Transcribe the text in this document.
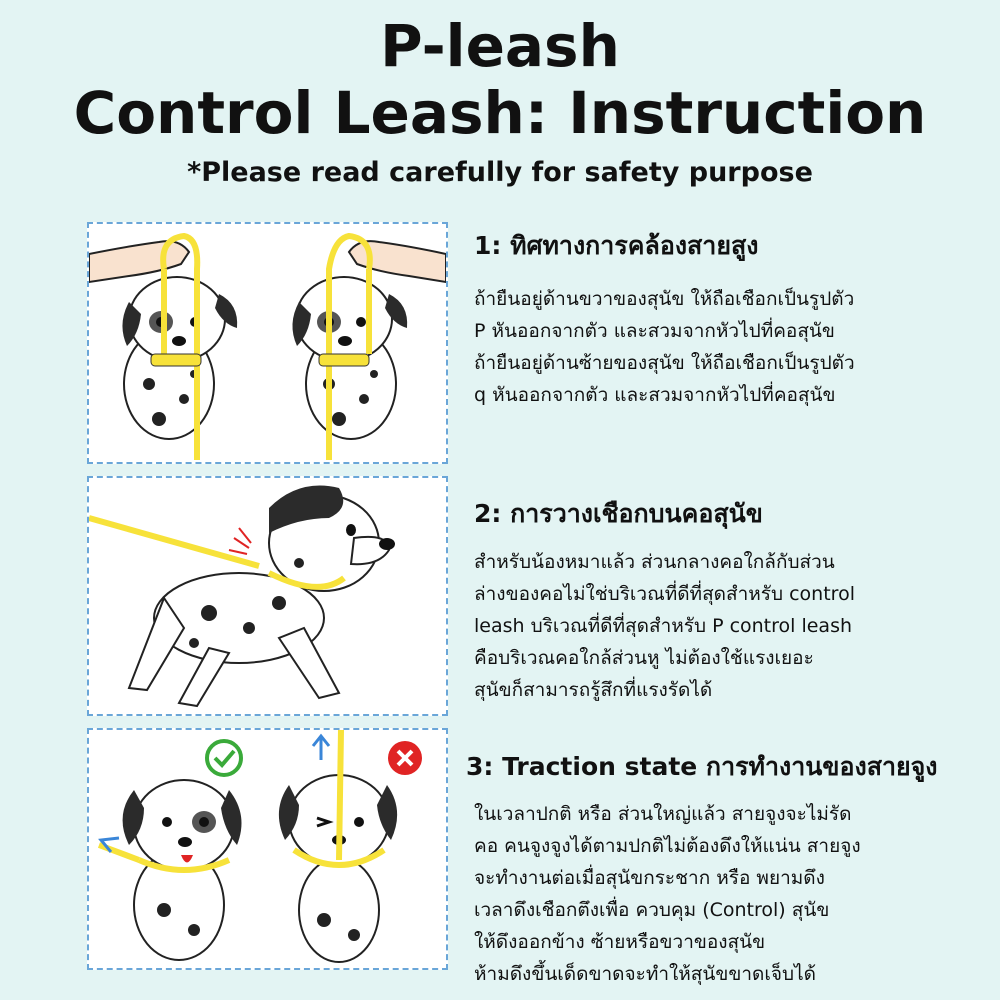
P-leash
Control Leash: Instruction
*Please read carefully for safety purpose
1: ทิศทางการคล้องสายสูง
ถ้ายืนอยู่ด้านขวาของสุนัข ให้ถือเชือกเป็นรูปตัว
P หันออกจากตัว และสวมจากหัวไปที่คอสุนัข
ถ้ายืนอยู่ด้านซ้ายของสุนัข ให้ถือเชือกเป็นรูปตัว
q หันออกจากตัว และสวมจากหัวไปที่คอสุนัข
2: การวางเชือกบนคอสุนัข
สำหรับน้องหมาแล้ว ส่วนกลางคอใกล้กับส่วน
ล่างของคอไม่ใช่บริเวณที่ดีที่สุดสำหรับ control
leash บริเวณที่ดีที่สุดสำหรับ P control leash
คือบริเวณคอใกล้ส่วนหู ไม่ต้องใช้แรงเยอะ
สุนัขก็สามารถรู้สึกที่แรงรัดได้
3: Traction state การทำงานของสายจูง
ในเวลาปกติ หรือ ส่วนใหญ่แล้ว สายจูงจะไม่รัด
คอ คนจูงจูงได้ตามปกติไม่ต้องดึงให้แน่น สายจูง
จะทำงานต่อเมื่อสุนัขกระชาก หรือ พยามดึง
เวลาดึงเชือกตึงเพื่อ ควบคุม (Control) สุนัข
ให้ดึงออกข้าง ซ้ายหรือขวาของสุนัข
ห้ามดึงขึ้นเด็ดขาดจะทำให้สุนัขขาดเจ็บได้
